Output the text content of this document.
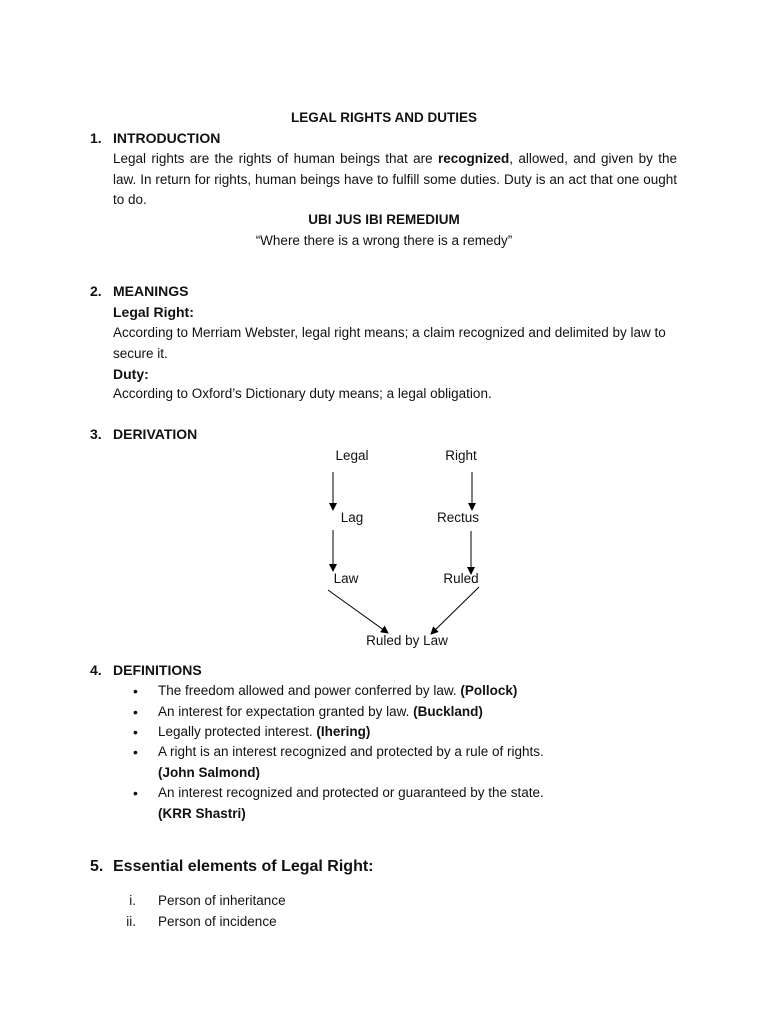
LEGAL RIGHTS AND DUTIES
1. INTRODUCTION
Legal rights are the rights of human beings that are recognized, allowed, and given by the law. In return for rights, human beings have to fulfill some duties. Duty is an act that one ought to do.
UBI JUS IBI REMEDIUM
“Where there is a wrong there is a remedy”
2. MEANINGS
Legal Right:
According to Merriam Webster, legal right means; a claim recognized and delimited by law to secure it.
Duty:
According to Oxford’s Dictionary duty means; a legal obligation.
3. DERIVATION
Legal
Lag
Law
Right
Rectus
Ruled
Ruled by Law
4. DEFINITIONS
• The freedom allowed and power conferred by law. (Pollock)
• An interest for expectation granted by law. (Buckland)
• Legally protected interest. (Ihering)
• A right is an interest recognized and protected by a rule of rights.
(John Salmond)
• An interest recognized and protected or guaranteed by the state.
(KRR Shastri)
5. Essential elements of Legal Right:
i. Person of inheritance
ii. Person of incidence
